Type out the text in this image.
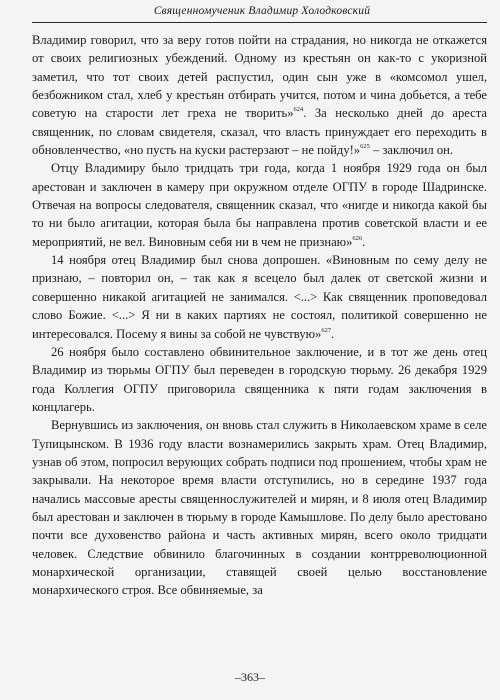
Священномученик Владимир Холодковский

Владимир говорил, что за веру готов пойти на страдания, но никогда не откажется от своих религиозных убеждений. Одному из крестьян он как-то с укоризной заметил, что тот своих детей распустил, один сын уже в «комсомол ушел, безбожником стал, хлеб у крестьян отбирать учится, потом и чина добьется, а тебе советую на старости лет греха не творить»$^{624}$. За несколько дней до ареста священник, по словам свидетеля, сказал, что власть принуждает его переходить в обновленчество, «но пусть на куски растерзают – не пойду!»$^{625}$ – заключил он.

Отцу Владимиру было тридцать три года, когда 1 ноября 1929 года он был арестован и заключен в камеру при окружном отделе ОГПУ в городе Шадринске. Отвечая на вопросы следователя, священник сказал, что «нигде и никогда какой бы то ни было агитации, которая была бы направлена против советской власти и ее мероприятий, не вел. Виновным себя ни в чем не признаю»$^{626}$.

14 ноября отец Владимир был снова допрошен. «Виновным по сему делу не признаю, – повторил он, – так как я всецело был далек от светской жизни и совершенно никакой агитацией не занимался. <...> Как священник проповедовал слово Божие. <...> Я ни в каких партиях не состоял, политикой совершенно не интересовался. Посему я вины за собой не чувствую»$^{627}$.

26 ноября было составлено обвинительное заключение, и в тот же день отец Владимир из тюрьмы ОГПУ был переведен в городскую тюрьму. 26 декабря 1929 года Коллегия ОГПУ приговорила священника к пяти годам заключения в концлагерь.

Вернувшись из заключения, он вновь стал служить в Николаевском храме в селе Тупицынском. В 1936 году власти вознамерились закрыть храм. Отец Владимир, узнав об этом, попросил верующих собрать подписи под прошением, чтобы храм не закрывали. На некоторое время власти отступились, но в середине 1937 года начались массовые аресты священнослужителей и мирян, и 8 июля отец Владимир был арестован и заключен в тюрьму в городе Камышлове. По делу было арестовано почти все духовенство района и часть активных мирян, всего около тридцати человек. Следствие обвинило благочинных в создании контрреволюционной монархической организации, ставящей своей целью восстановление монархического строя. Все обвиняемые, за

–363–
